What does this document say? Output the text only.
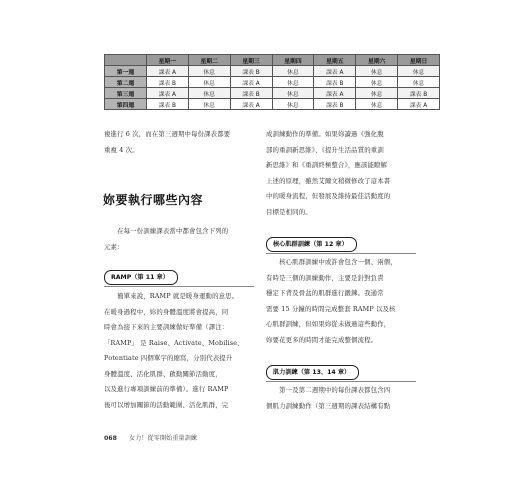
	星期一	星期二	星期三	星期四	星期五	星期六	星期日
第一週	課表 A	休息	課表 B	休息	課表 A	休息	休息
第二週	課表 B	休息	課表 A	休息	課表 B	休息	休息
第三週	課表 A	休息	課表 B	休息	課表 A	休息	課表 B
第四週	課表 B	休息	課表 A	休息	課表 B	休息	課表 A
複進行 6 次，而在第三週期中每份課表都要
重複 4 次。
妳要執行哪些內容
　　在每一份訓練課表當中都會包含下列的
元素：
RAMP（第 11 章）
　　簡單來說，RAMP 就是暖身運動的意思。
在暖身過程中，妳的身體溫度將會提高，同
時會為接下來的主要訓練做好準備（譯注：
「RAMP」 是 Raise、Activate、Mobilise、
Potentiate 四個單字的縮寫，分別代表提升
身體溫度、活化肌群、啟動關節活動度，
以及進行專項訓練前的準備）。進行 RAMP
後可以增加關節的活動範圍、活化肌群，完
成訓練動作的準備。如果妳讀過《強化腹
部的重訓新思維》、《提升生活品質的重訓
新思維》和《重訓終極整合》，應該能瞭解
上述的原理，雖然艾爾文稍微修改了這本書
中的暖身流程，但發展及維持最佳活動度的
目標是相同的。
核心肌群訓練（第 12 章）
　　核心肌群訓練中或許會包含一個、兩個，
有時是三個的訓練動作，主要是針對負責
穩定下背及骨盆的肌群進行鍛鍊。我通常
需要 15 分鐘的時間完成整套 RAMP 以及核
心肌群訓練，但如果妳從未做過這些動作，
妳要花更多的時間才能完成整個流程。
肌力訓練（第 13、14 章）
　　第一及第二週期中的每份課表都包含四
個肌力訓練動作（第三週期的課表結構有點
068 女力！從零開始重量訓練
